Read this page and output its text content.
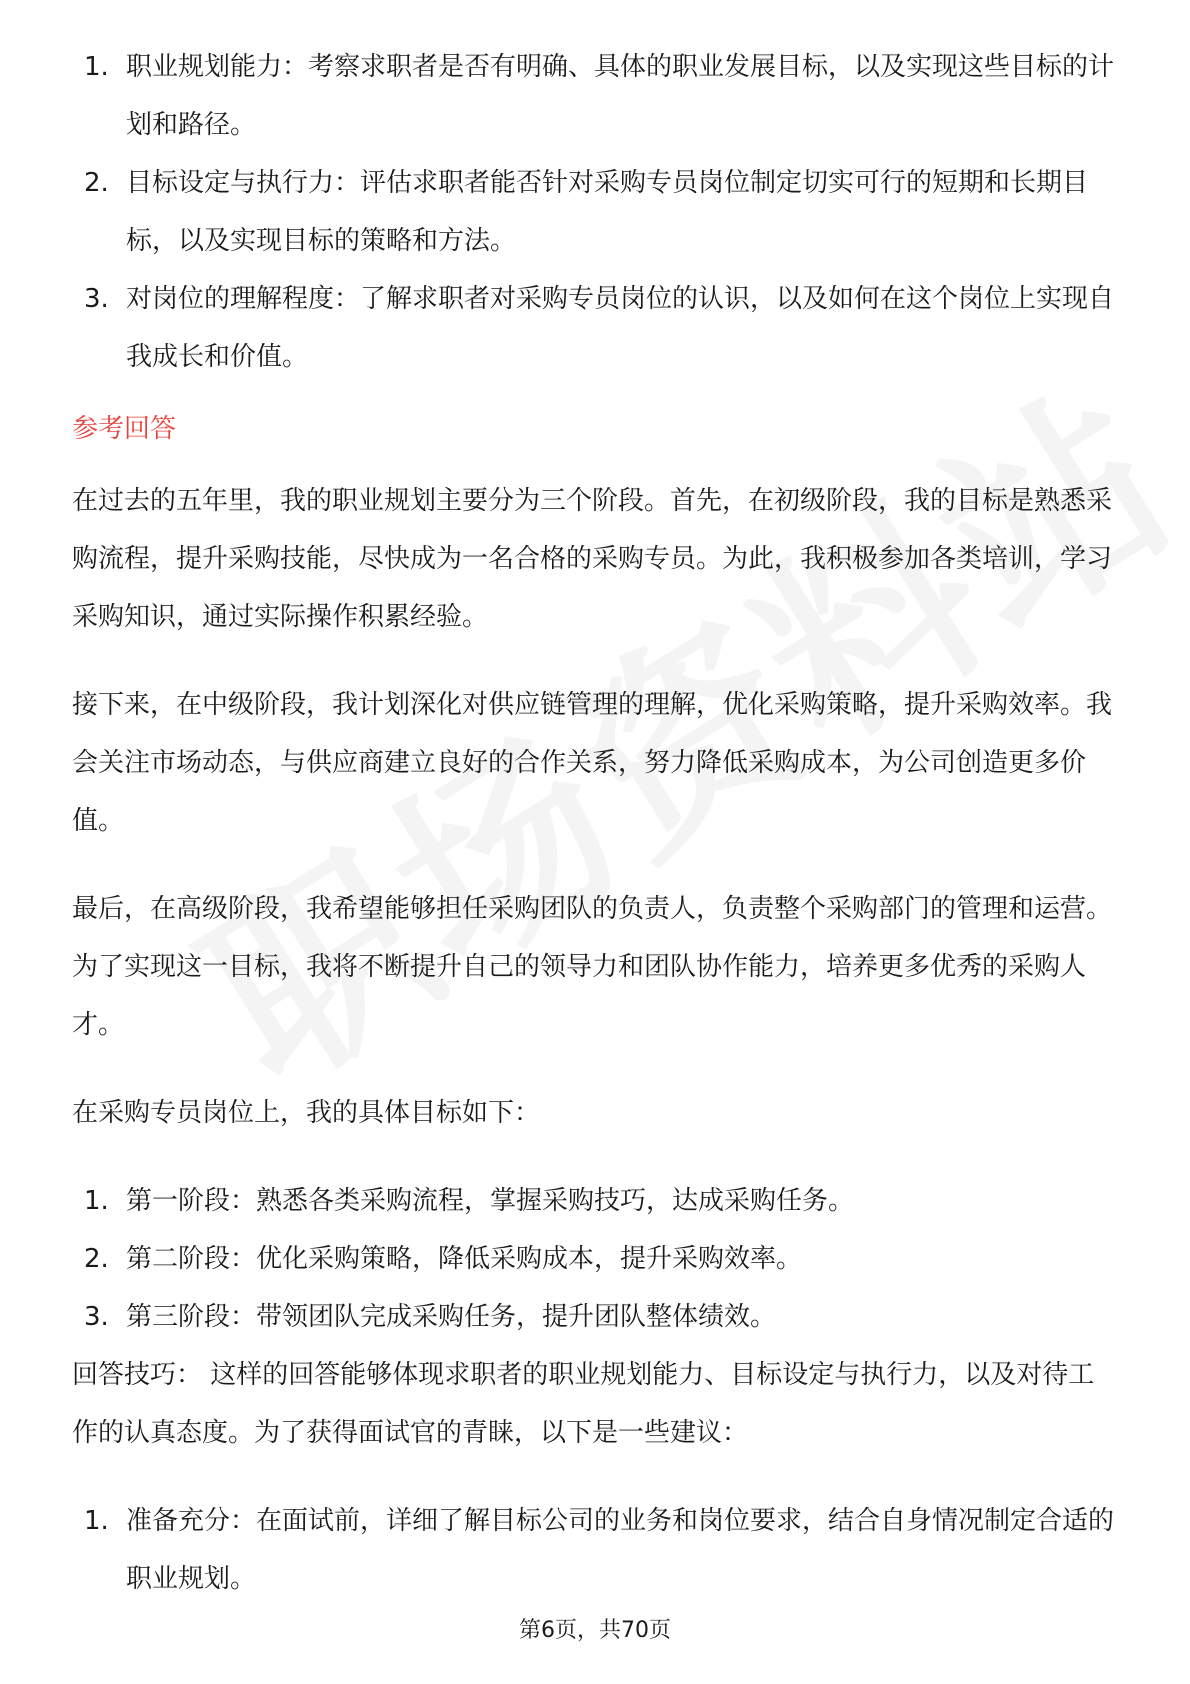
1. 职业规划能力：考察求职者是否有明确、具体的职业发展目标，以及实现这些目标的计划和路径。
2. 目标设定与执行力：评估求职者能否针对采购专员岗位制定切实可行的短期和长期目标，以及实现目标的策略和方法。
3. 对岗位的理解程度：了解求职者对采购专员岗位的认识，以及如何在这个岗位上实现自我成长和价值。
参考回答

在过去的五年里，我的职业规划主要分为三个阶段。首先，在初级阶段，我的目标是熟悉采购流程，提升采购技能，尽快成为一名合格的采购专员。为此，我积极参加各类培训，学习采购知识，通过实际操作积累经验。

接下来，在中级阶段，我计划深化对供应链管理的理解，优化采购策略，提升采购效率。我会关注市场动态，与供应商建立良好的合作关系，努力降低采购成本，为公司创造更多价值。

最后，在高级阶段，我希望能够担任采购团队的负责人，负责整个采购部门的管理和运营。为了实现这一目标，我将不断提升自己的领导力和团队协作能力，培养更多优秀的采购人才。

在采购专员岗位上，我的具体目标如下：

1. 第一阶段：熟悉各类采购流程，掌握采购技巧，达成采购任务。
2. 第二阶段：优化采购策略，降低采购成本，提升采购效率。
3. 第三阶段：带领团队完成采购任务，提升团队整体绩效。

回答技巧： 这样的回答能够体现求职者的职业规划能力、目标设定与执行力，以及对待工作的认真态度。为了获得面试官的青睐，以下是一些建议：

1. 准备充分：在面试前，详细了解目标公司的业务和岗位要求，结合自身情况制定合适的职业规划。
第6页，共70页
